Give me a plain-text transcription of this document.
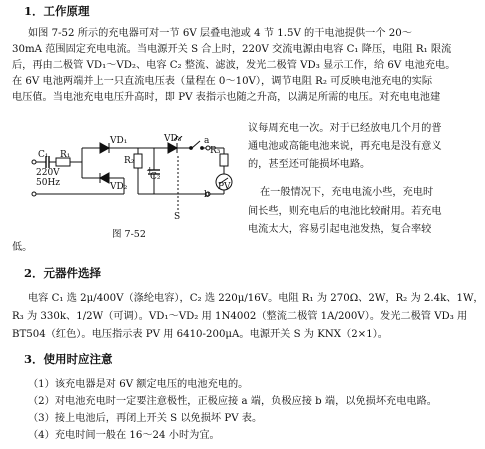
1．工作原理
如图 7-52 所示的充电器可对一节 6V 层叠电池或 4 节 1.5V 的干电池提供一个 20～
30mA 范围固定充电电流。当电源开关 S 合上时，220V 交流电源由电容 C₁ 降压，电阻 R₁ 限流
后，再由二极管 VD₁～VD₂、电容 C₂ 整流、滤波，发光二极管 VD₃ 显示工作，给 6V 电池充电。
在 6V 电池两端并上一只直流电压表（量程在 0～10V），调节电阻 R₂ 可反映电池充电的实际
电压值。当电池充电电压升高时，即 PV 表指示也随之升高，以满足所需的电压。对充电电池建
议每周充电一次。对于已经放电几个月的普
通电池或高能电池来说，再充电是没有意义
的，甚至还可能损坏电路。
在一般情况下，充电电流小些，充电时
间长些，则充电后的电池比较耐用。若充电
电流太大，容易引起电池发热，复合率较
低。
C₁ R₁
VD₁
VD₂
R₂
C₂
+
VD₃
R₃
S
a
b
PV
220V
50Hz
图 7-52
2．元器件选择
电容 C₁ 选 2μ/400V（涤纶电容），C₂ 选 220μ/16V。电阻 R₁ 为 270Ω、2W，R₂ 为 2.4k、1W，
R₃ 为 330k、1/2W（可调）。VD₁～VD₂ 用 1N4002（整流二极管 1A/200V）。发光二极管 VD₃ 用
BT504（红色）。电压指示表 PV 用 6410-200μA。电源开关 S 为 KNX（2×1）。
3．使用时应注意
（1）该充电器是对 6V 额定电压的电池充电的。
（2）对电池充电时一定要注意极性，正极应接 a 端，负极应接 b 端，以免损坏充电电路。
（3）接上电池后，再闭上开关 S 以免损坏 PV 表。
（4）充电时间一般在 16～24 小时为宜。
